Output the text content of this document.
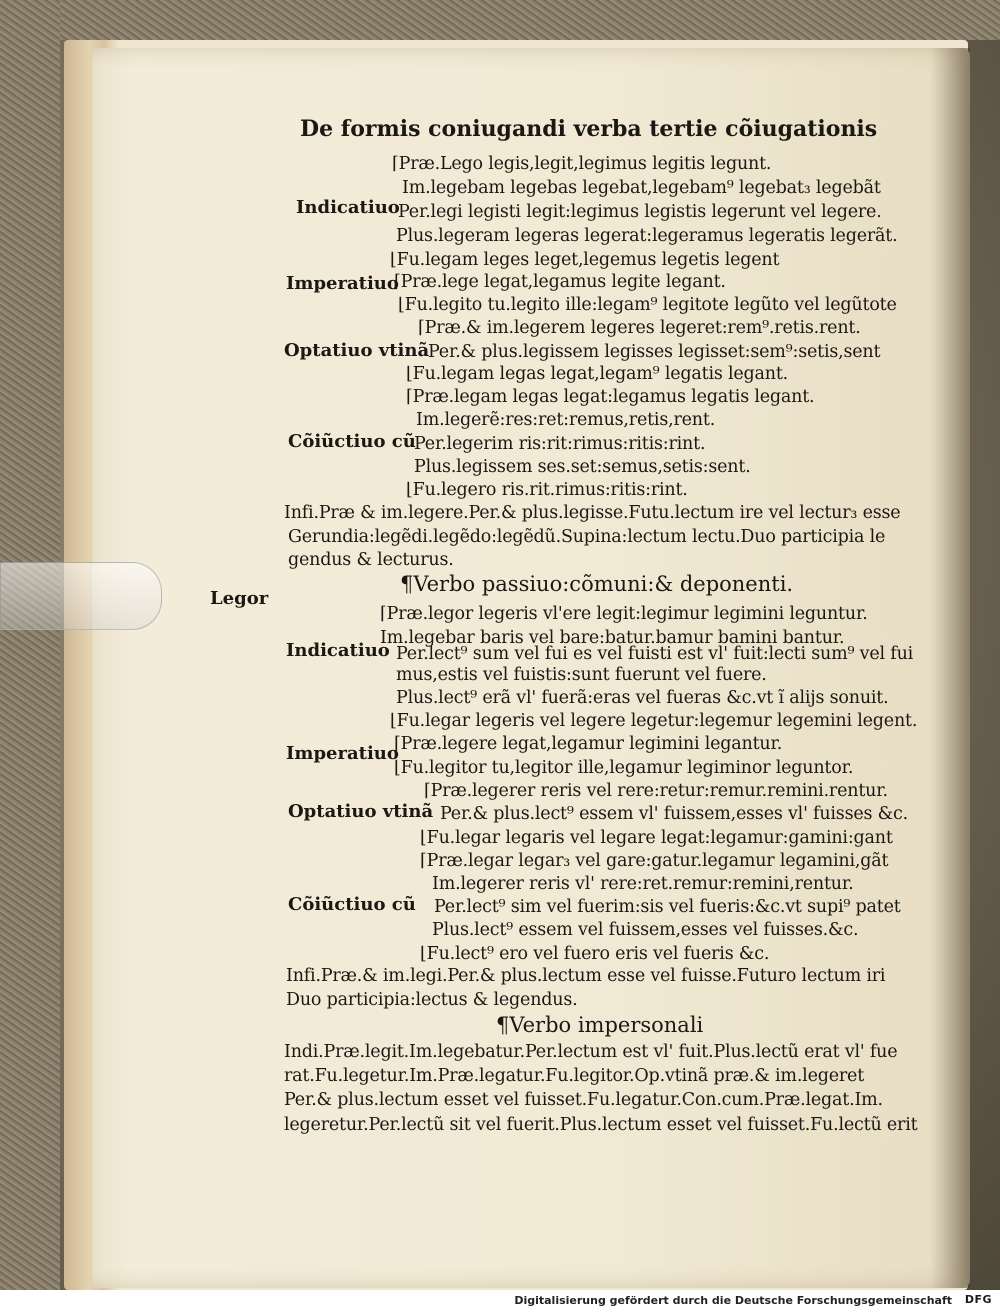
De formis coniugandi verba tertie cõiugationis
⌈Præ.Lego legis,legit,legimus legitis legunt.
Im.legebam legebas legebat,legebam⁹ legebat₃ legebãt
Indicatiuo
Per.legi legisti legit:legimus legistis legerunt vel legere.
Plus.legeram legeras legerat:legeramus legeratis legerãt.
⌊Fu.legam leges leget,legemus legetis legent
Imperatiuo
⌈Præ.lege legat,legamus legite legant.
⌊Fu.legito tu.legito ille:legam⁹ legitote legũto vel legũtote
⌈Præ.& im.legerem legeres legeret:rem⁹.retis.rent.
Optatiuo vtinã
Per.& plus.legissem legisses legisset:sem⁹:setis,sent
⌊Fu.legam legas legat,legam⁹ legatis legant.
⌈Præ.legam legas legat:legamus legatis legant.
Im.legerẽ:res:ret:remus,retis,rent.
Cõiũctiuo cũ
Per.legerim ris:rit:rimus:ritis:rint.
Plus.legissem ses.set:semus,setis:sent.
⌊Fu.legero ris.rit.rimus:ritis:rint.
Infi.Præ & im.legere.Per.& plus.legisse.Futu.lectum ire vel lectur₃ esse
Gerundia:legẽdi.legẽdo:legẽdũ.Supina:lectum lectu.Duo participia le
gendus & lecturus.
¶Verbo passiuo:cõmuni:& deponenti.
Legor
⌈Præ.legor legeris vl'ere legit:legimur legimini leguntur.
Im.legebar baris vel bare:batur.bamur bamini bantur.
Indicatiuo Per.lect⁹ sum vel fui es vel fuisti est vl' fuit:lecti sum⁹ vel fui
mus,estis vel fuistis:sunt fuerunt vel fuere.
Plus.lect⁹ erã vl' fuerã:eras vel fueras &c.vt ĩ alijs sonuit.
⌊Fu.legar legeris vel legere legetur:legemur legemini legent.
⌈Præ.legere legat,legamur legimini legantur.
Imperatiuo
⌊Fu.legitor tu,legitor ille,legamur legiminor leguntor.
⌈Præ.legerer reris vel rere:retur:remur.remini.rentur.
Optatiuo vtinã Per.& plus.lect⁹ essem vl' fuissem,esses vl' fuisses &c.
⌊Fu.legar legaris vel legare legat:legamur:gamini:gant
⌈Præ.legar legar₃ vel gare:gatur.legamur legamini,gãt
Im.legerer reris vl' rere:ret.remur:remini,rentur.
Cõiũctiuo cũ Per.lect⁹ sim vel fuerim:sis vel fueris:&c.vt supi⁹ patet
Plus.lect⁹ essem vel fuissem,esses vel fuisses.&c.
⌊Fu.lect⁹ ero vel fuero eris vel fueris &c.
Infi.Præ.& im.legi.Per.& plus.lectum esse vel fuisse.Futuro lectum iri
Duo participia:lectus & legendus.
¶Verbo impersonali
Indi.Præ.legit.Im.legebatur.Per.lectum est vl' fuit.Plus.lectũ erat vl' fue
rat.Fu.legetur.Im.Præ.legatur.Fu.legitor.Op.vtinã præ.& im.legeret
Per.& plus.lectum esset vel fuisset.Fu.legatur.Con.cum.Præ.legat.Im.
legeretur.Per.lectũ sit vel fuerit.Plus.lectum esset vel fuisset.Fu.lectũ erit
Digitalisierung gefördert durch die Deutsche Forschungsgemeinschaft DFG
